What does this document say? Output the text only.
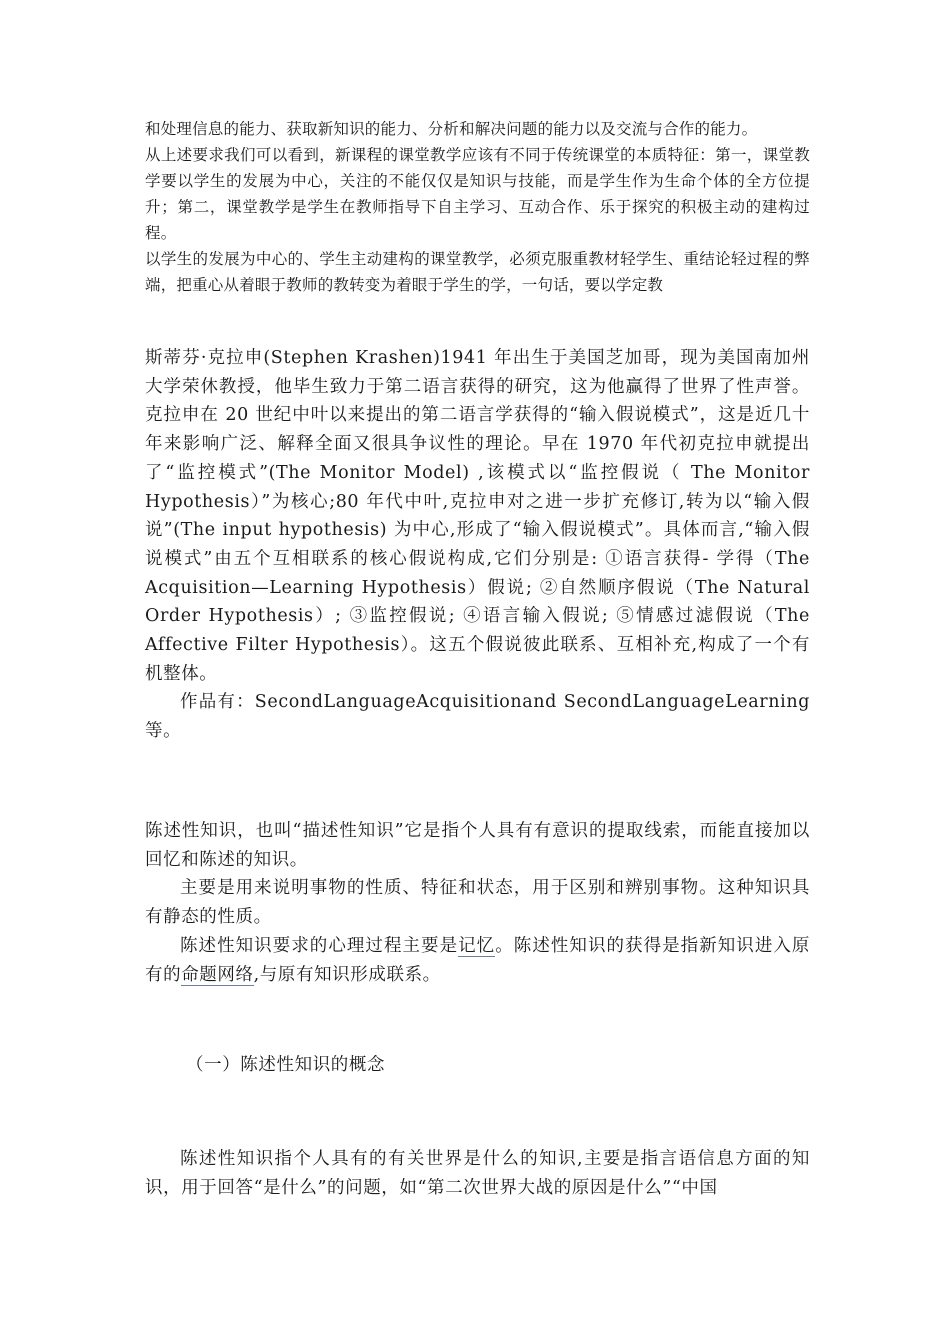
和处理信息的能力、获取新知识的能力、分析和解决问题的能力以及交流与合作的能力。

从上述要求我们可以看到，新课程的课堂教学应该有不同于传统课堂的本质特征：第一，课堂教学要以学生的发展为中心，关注的不能仅仅是知识与技能，而是学生作为生命个体的全方位提升；第二，课堂教学是学生在教师指导下自主学习、互动合作、乐于探究的积极主动的建构过程。

以学生的发展为中心的、学生主动建构的课堂教学，必须克服重教材轻学生、重结论轻过程的弊端，把重心从着眼于教师的教转变为着眼于学生的学，一句话，要以学定教

斯蒂芬·克拉申(Stephen Krashen)1941 年出生于美国芝加哥，现为美国南加州大学荣休教授，他毕生致力于第二语言获得的研究，这为他赢得了世界了性声誉。克拉申在 20 世纪中叶以来提出的第二语言学获得的“输入假说模式”，这是近几十年来影响广泛、解释全面又很具争议性的理论。早在 1970 年代初克拉申就提出了“监控模式”(The Monitor Model) ,该模式以“监控假说（ The Monitor Hypothesis）”为核心;80 年代中叶,克拉申对之进一步扩充修订,转为以“输入假说”(The input hypothesis) 为中心,形成了“输入假说模式”。具体而言,“输入假说模式”由五个互相联系的核心假说构成,它们分别是: ①语言获得- 学得（The Acquisition—Learning Hypothesis）假说; ②自然顺序假说（The Natural Order Hypothesis）; ③监控假说; ④语言输入假说; ⑤情感过滤假说（The Affective Filter Hypothesis）。这五个假说彼此联系、互相补充,构成了一个有机整体。

作品有：SecondLanguageAcquisitionand SecondLanguageLearning 等。

陈述性知识，也叫“描述性知识”它是指个人具有有意识的提取线索，而能直接加以回忆和陈述的知识。

主要是用来说明事物的性质、特征和状态，用于区别和辨别事物。这种知识具有静态的性质。

陈述性知识要求的心理过程主要是记忆。陈述性知识的获得是指新知识进入原有的命题网络,与原有知识形成联系。

（一）陈述性知识的概念

陈述性知识指个人具有的有关世界是什么的知识,主要是指言语信息方面的知识，用于回答“是什么”的问题，如“第二次世界大战的原因是什么”“中国
